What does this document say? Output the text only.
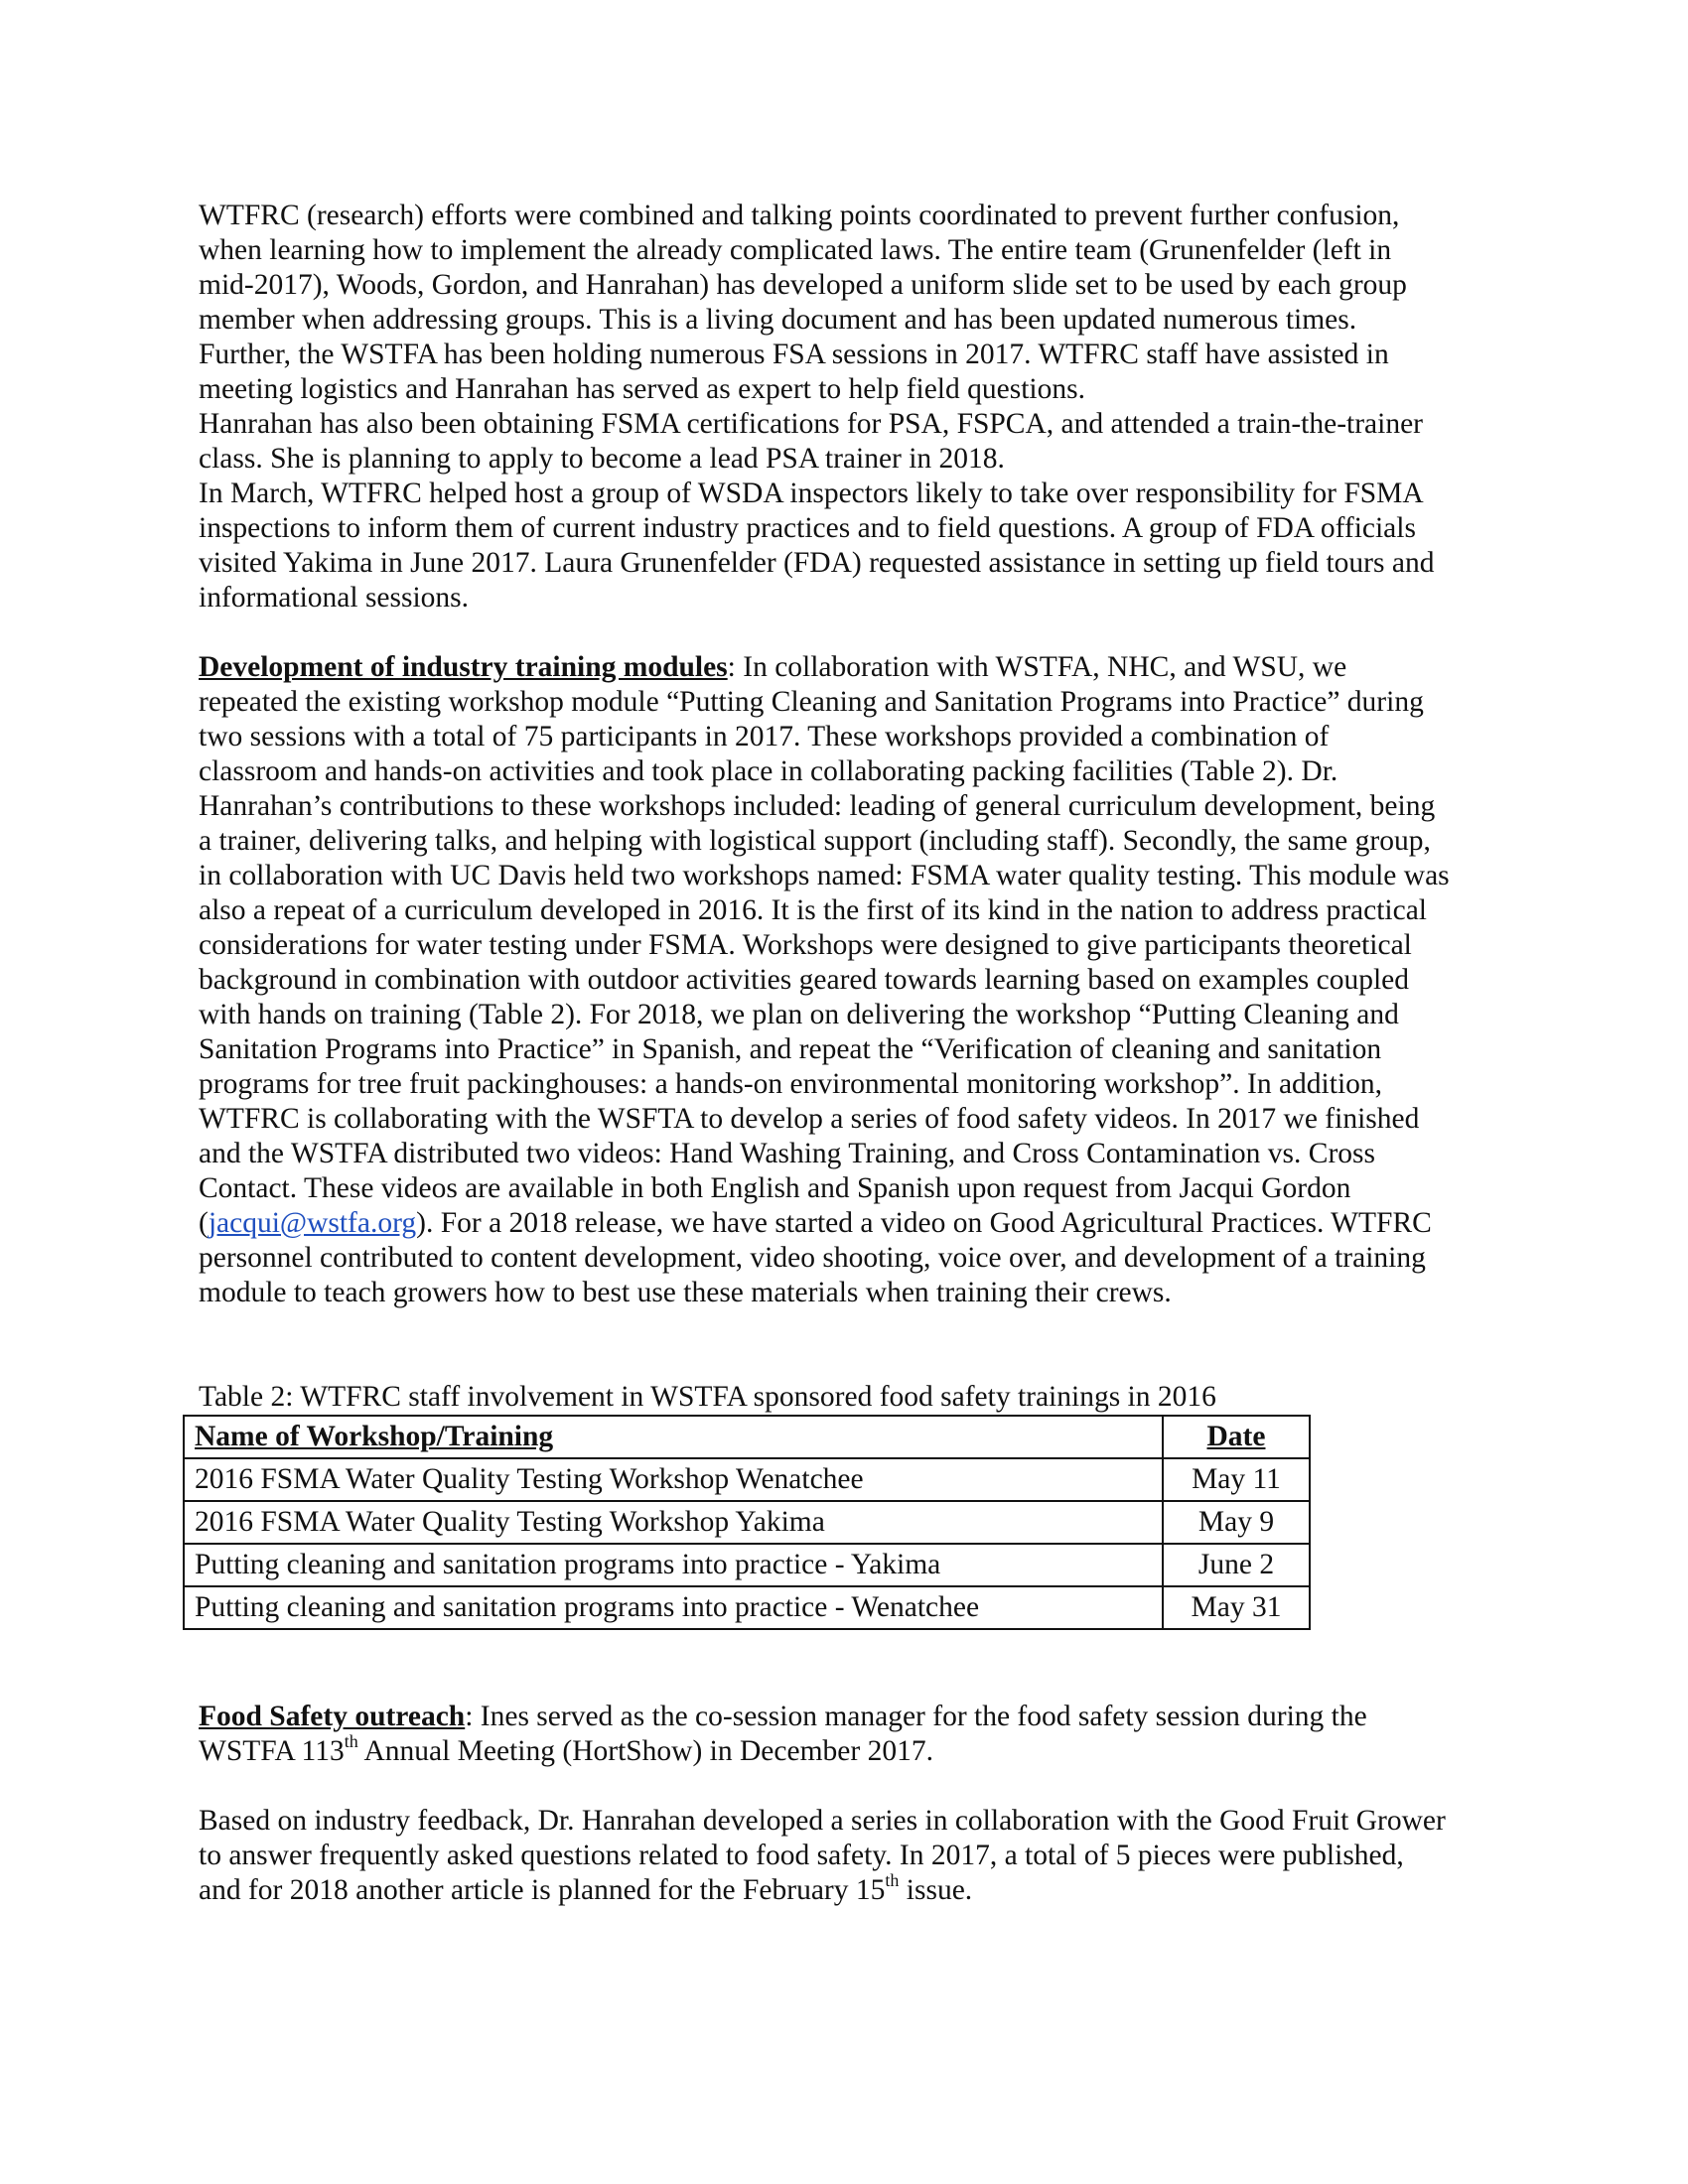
WTFRC (research) efforts were combined and talking points coordinated to prevent further confusion, when learning how to implement the already complicated laws. The entire team (Grunenfelder (left in mid-2017), Woods, Gordon, and Hanrahan) has developed a uniform slide set to be used by each group member when addressing groups. This is a living document and has been updated numerous times. Further, the WSTFA has been holding numerous FSA sessions in 2017. WTFRC staff have assisted in meeting logistics and Hanrahan has served as expert to help field questions.

Hanrahan has also been obtaining FSMA certifications for PSA, FSPCA, and attended a train-the-trainer class. She is planning to apply to become a lead PSA trainer in 2018.

In March, WTFRC helped host a group of WSDA inspectors likely to take over responsibility for FSMA inspections to inform them of current industry practices and to field questions. A group of FDA officials visited Yakima in June 2017. Laura Grunenfelder (FDA) requested assistance in setting up field tours and informational sessions.

Development of industry training modules: In collaboration with WSTFA, NHC, and WSU, we repeated the existing workshop module “Putting Cleaning and Sanitation Programs into Practice” during two sessions with a total of 75 participants in 2017. These workshops provided a combination of classroom and hands-on activities and took place in collaborating packing facilities (Table 2). Dr. Hanrahan’s contributions to these workshops included: leading of general curriculum development, being a trainer, delivering talks, and helping with logistical support (including staff). Secondly, the same group, in collaboration with UC Davis held two workshops named: FSMA water quality testing. This module was also a repeat of a curriculum developed in 2016. It is the first of its kind in the nation to address practical considerations for water testing under FSMA. Workshops were designed to give participants theoretical background in combination with outdoor activities geared towards learning based on examples coupled with hands on training (Table 2). For 2018, we plan on delivering the workshop “Putting Cleaning and Sanitation Programs into Practice” in Spanish, and repeat the “Verification of cleaning and sanitation programs for tree fruit packinghouses: a hands-on environmental monitoring workshop”. In addition, WTFRC is collaborating with the WSFTA to develop a series of food safety videos. In 2017 we finished and the WSTFA distributed two videos: Hand Washing Training, and Cross Contamination vs. Cross Contact. These videos are available in both English and Spanish upon request from Jacqui Gordon (jacqui@wstfa.org). For a 2018 release, we have started a video on Good Agricultural Practices. WTFRC personnel contributed to content development, video shooting, voice over, and development of a training module to teach growers how to best use these materials when training their crews.

Table 2: WTFRC staff involvement in WSTFA sponsored food safety trainings in 2016

Name of Workshop/Training	Date
2016 FSMA Water Quality Testing Workshop Wenatchee	May 11
2016 FSMA Water Quality Testing Workshop Yakima	May 9
Putting cleaning and sanitation programs into practice - Yakima	June 2
Putting cleaning and sanitation programs into practice - Wenatchee	May 31

Food Safety outreach: Ines served as the co-session manager for the food safety session during the WSTFA 113th Annual Meeting (HortShow) in December 2017.

Based on industry feedback, Dr. Hanrahan developed a series in collaboration with the Good Fruit Grower to answer frequently asked questions related to food safety. In 2017, a total of 5 pieces were published, and for 2018 another article is planned for the February 15th issue.
